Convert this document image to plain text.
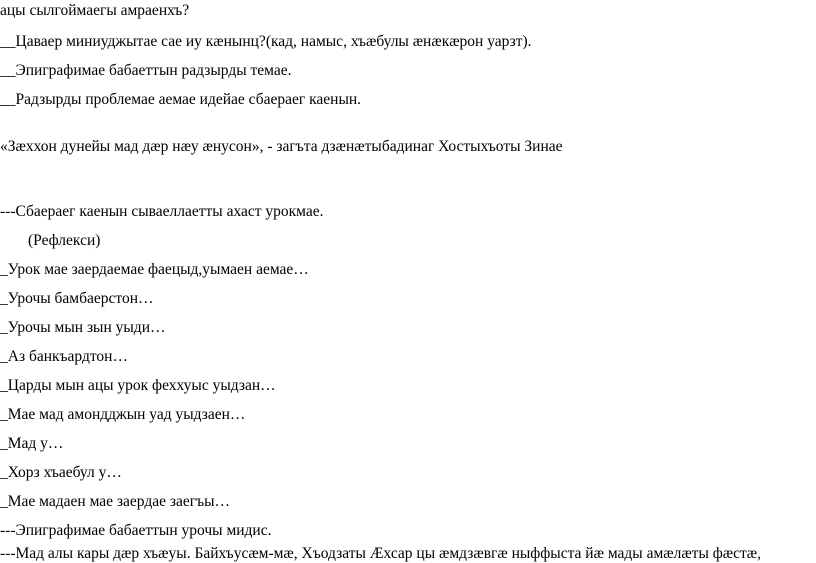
ацы сылгоймаегы амраенхъ?
__Цаваер миниуджытае сае иу кæнынц?(кад, намыс, хъæбулы æнæкæрон уарзт).
__Эпиграфимае бабаеттын радзырды темае.
__Радзырды проблемае аемае идейае сбаераег каенын.
«Зæххон дунейы мад дæр нæу æнусон», - загъта дзæнæтыбадинаг Хостыхъоты Зинае
---Сбаераег каенын сываеллаетты ахаст урокмае.
(Рефлекси)
_Урок мае заердаемае фаецыд,уымаен аемае…
_Урочы бамбаерстон…
_Урочы мын зын уыди…
_Аз банкъардтон…
_Царды мын ацы урок феххуыс уыдзан…
_Мае мад амондджын уад уыдзаен…
_Мад у…
_Хорз хъаебул у…
_Мае мадаен мае заердае заегъы…
---Эпиграфимае бабаеттын урочы мидис.
---Мад алы кары дæр хъæуы. Байхъусæм-мæ, Хъодзаты Æхсар цы æмдзæвгæ ныффыста йæ мады амæлæты фæстæ,
